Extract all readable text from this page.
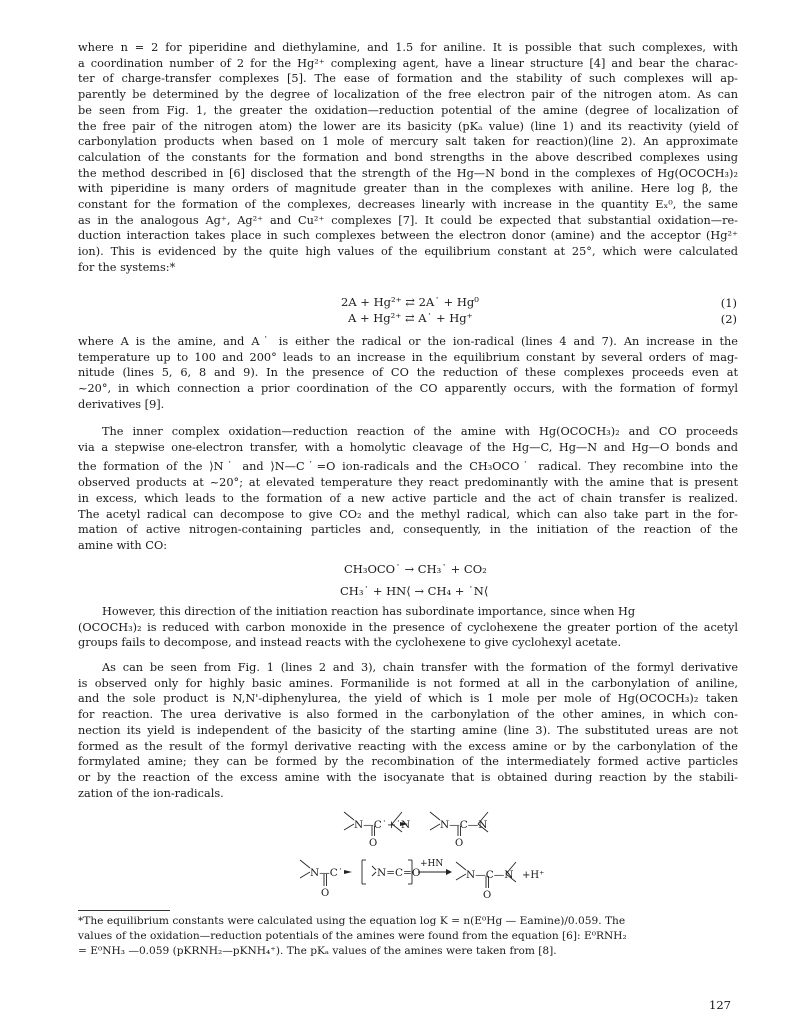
where n = 2 for piperidine and diethylamine, and 1.5 for aniline. It is possible that such complexes, with
a coordination number of 2 for the Hg²⁺ complexing agent, have a linear structure [4] and bear the charac-
ter of charge-transfer complexes [5]. The ease of formation and the stability of such complexes will ap-
parently be determined by the degree of localization of the free electron pair of the nitrogen atom. As can
be seen from Fig. 1, the greater the oxidation—reduction potential of the amine (degree of localization of
the free pair of the nitrogen atom) the lower are its basicity (pKₐ value) (line 1) and its reactivity (yield of
carbonylation products when based on 1 mole of mercury salt taken for reaction)(line 2). An approximate
calculation of the constants for the formation and bond strengths in the above described complexes using
the method described in [6] disclosed that the strength of the Hg—N bond in the complexes of Hg(OCOCH₃)₂
with piperidine is many orders of magnitude greater than in the complexes with aniline. Here log β, the
constant for the formation of the complexes, decreases linearly with increase in the quantity Eₓ⁰, the same
as in the analogous Ag⁺, Ag²⁺ and Cu²⁺ complexes [7]. It could be expected that substantial oxidation—re-
duction interaction takes place in such complexes between the electron donor (amine) and the acceptor (Hg²⁺
ion). This is evidenced by the quite high values of the equilibrium constant at 25°, which were calculated
for the systems:*
2A + Hg²⁺ ⇄ 2A˙ + Hg⁰	(1)
A + Hg²⁺ ⇄ A˙ + Hg⁺	(2)
where A is the amine, and A˙ is either the radical or the ion-radical (lines 4 and 7). An increase in the
temperature up to 100 and 200° leads to an increase in the equilibrium constant by several orders of mag-
nitude (lines 5, 6, 8 and 9). In the presence of CO the reduction of these complexes proceeds even at
~20°, in which connection a prior coordination of the CO apparently occurs, with the formation of formyl
derivatives [9].
The inner complex oxidation—reduction reaction of the amine with Hg(OCOCH₃)₂ and CO proceeds
via a stepwise one-electron transfer, with a homolytic cleavage of the Hg—C, Hg—N and Hg—O bonds and
the formation of the ⟩N˙ and ⟩N—C˙=O ion-radicals and the CH₃OCO˙ radical. They recombine into the
observed products at ~20°; at elevated temperature they react predominantly with the amine that is present
in excess, which leads to the formation of a new active particle and the act of chain transfer is realized.
The acetyl radical can decompose to give CO₂ and the methyl radical, which can also take part in the for-
mation of active nitrogen-containing particles and, consequently, in the initiation of the reaction of the
amine with CO:
CH₃OCO˙ → CH₃˙ + CO₂
CH₃˙ + HN⟨ → CH₄ + ˙N⟨
However, this direction of the initiation reaction has subordinate importance, since when Hg
(OCOCH₃)₂ is reduced with carbon monoxide in the presence of cyclohexene the greater portion of the acetyl
groups fails to decompose, and instead reacts with the cyclohexene to give cyclohexyl acetate.
As can be seen from Fig. 1 (lines 2 and 3), chain transfer with the formation of the formyl derivative
is observed only for highly basic amines. Formanilide is not formed at all in the carbonylation of aniline,
and the sole product is N,N'-diphenylurea, the yield of which is 1 mole per mole of Hg(OCOCH₃)₂ taken
for reaction. The urea derivative is also formed in the carbonylation of the other amines, in which con-
nection its yield is independent of the basicity of the starting amine (line 3). The substituted ureas are not
formed as the result of the formyl derivative reacting with the excess amine or by the carbonylation of the
formylated amine; they can be formed by the recombination of the intermediately formed active particles
or by the reaction of the excess amine with the isocyanate that is obtained during reaction by the stabili-
zation of the ion-radicals.
N—C˙+˙N	N—C—N
O	O
N—C˙
O
N=C=O
+HN
N—C—N
O
+H⁺
*The equilibrium constants were calculated using the equation log K = n(E⁰Hg — Eamine)/0.059. The
values of the oxidation—reduction potentials of the amines were found from the equation [6]: E⁰RNH₂
= E⁰NH₃ —0.059 (pKRNH₂—pKNH₄⁺). The pKₐ values of the amines were taken from [8].
127
